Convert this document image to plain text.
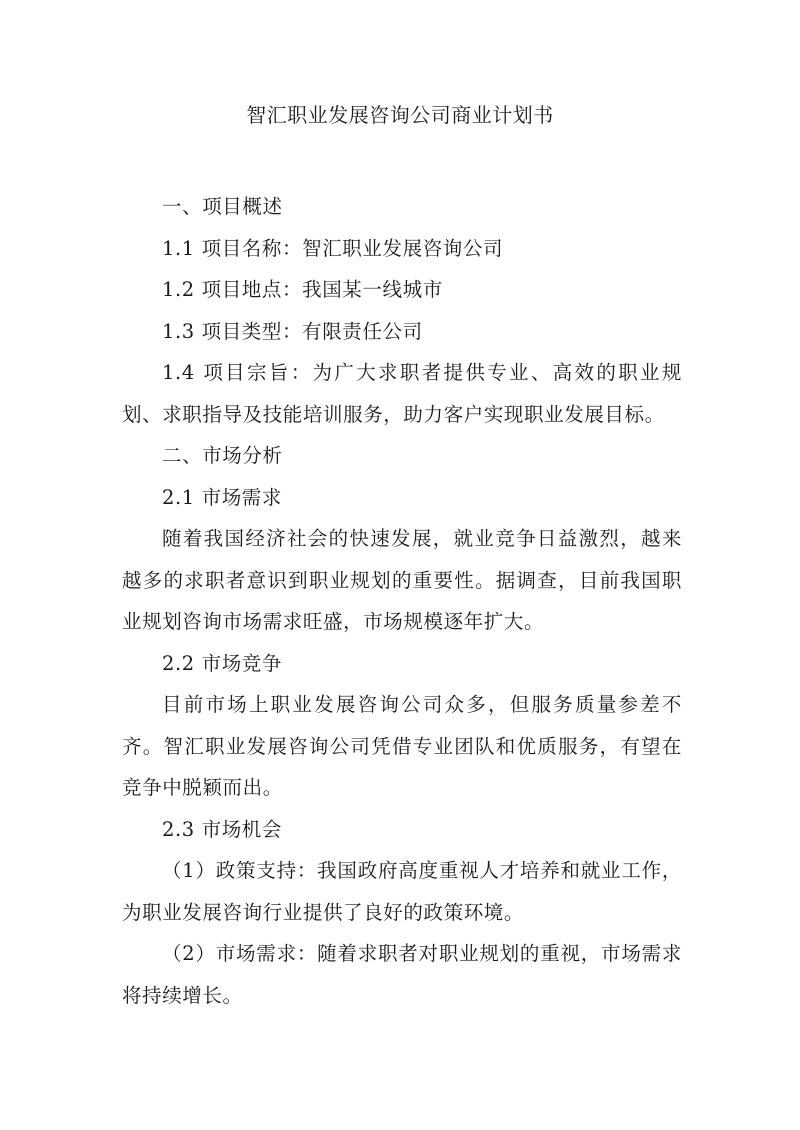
智汇职业发展咨询公司商业计划书

一、项目概述

1.1 项目名称：智汇职业发展咨询公司

1.2 项目地点：我国某一线城市

1.3 项目类型：有限责任公司

1.4 项目宗旨：为广大求职者提供专业、高效的职业规划、求职指导及技能培训服务，助力客户实现职业发展目标。

二、市场分析

2.1 市场需求

随着我国经济社会的快速发展，就业竞争日益激烈，越来越多的求职者意识到职业规划的重要性。据调查，目前我国职业规划咨询市场需求旺盛，市场规模逐年扩大。

2.2 市场竞争

目前市场上职业发展咨询公司众多，但服务质量参差不齐。智汇职业发展咨询公司凭借专业团队和优质服务，有望在竞争中脱颖而出。

2.3 市场机会

（1）政策支持：我国政府高度重视人才培养和就业工作，为职业发展咨询行业提供了良好的政策环境。

（2）市场需求：随着求职者对职业规划的重视，市场需求将持续增长。
